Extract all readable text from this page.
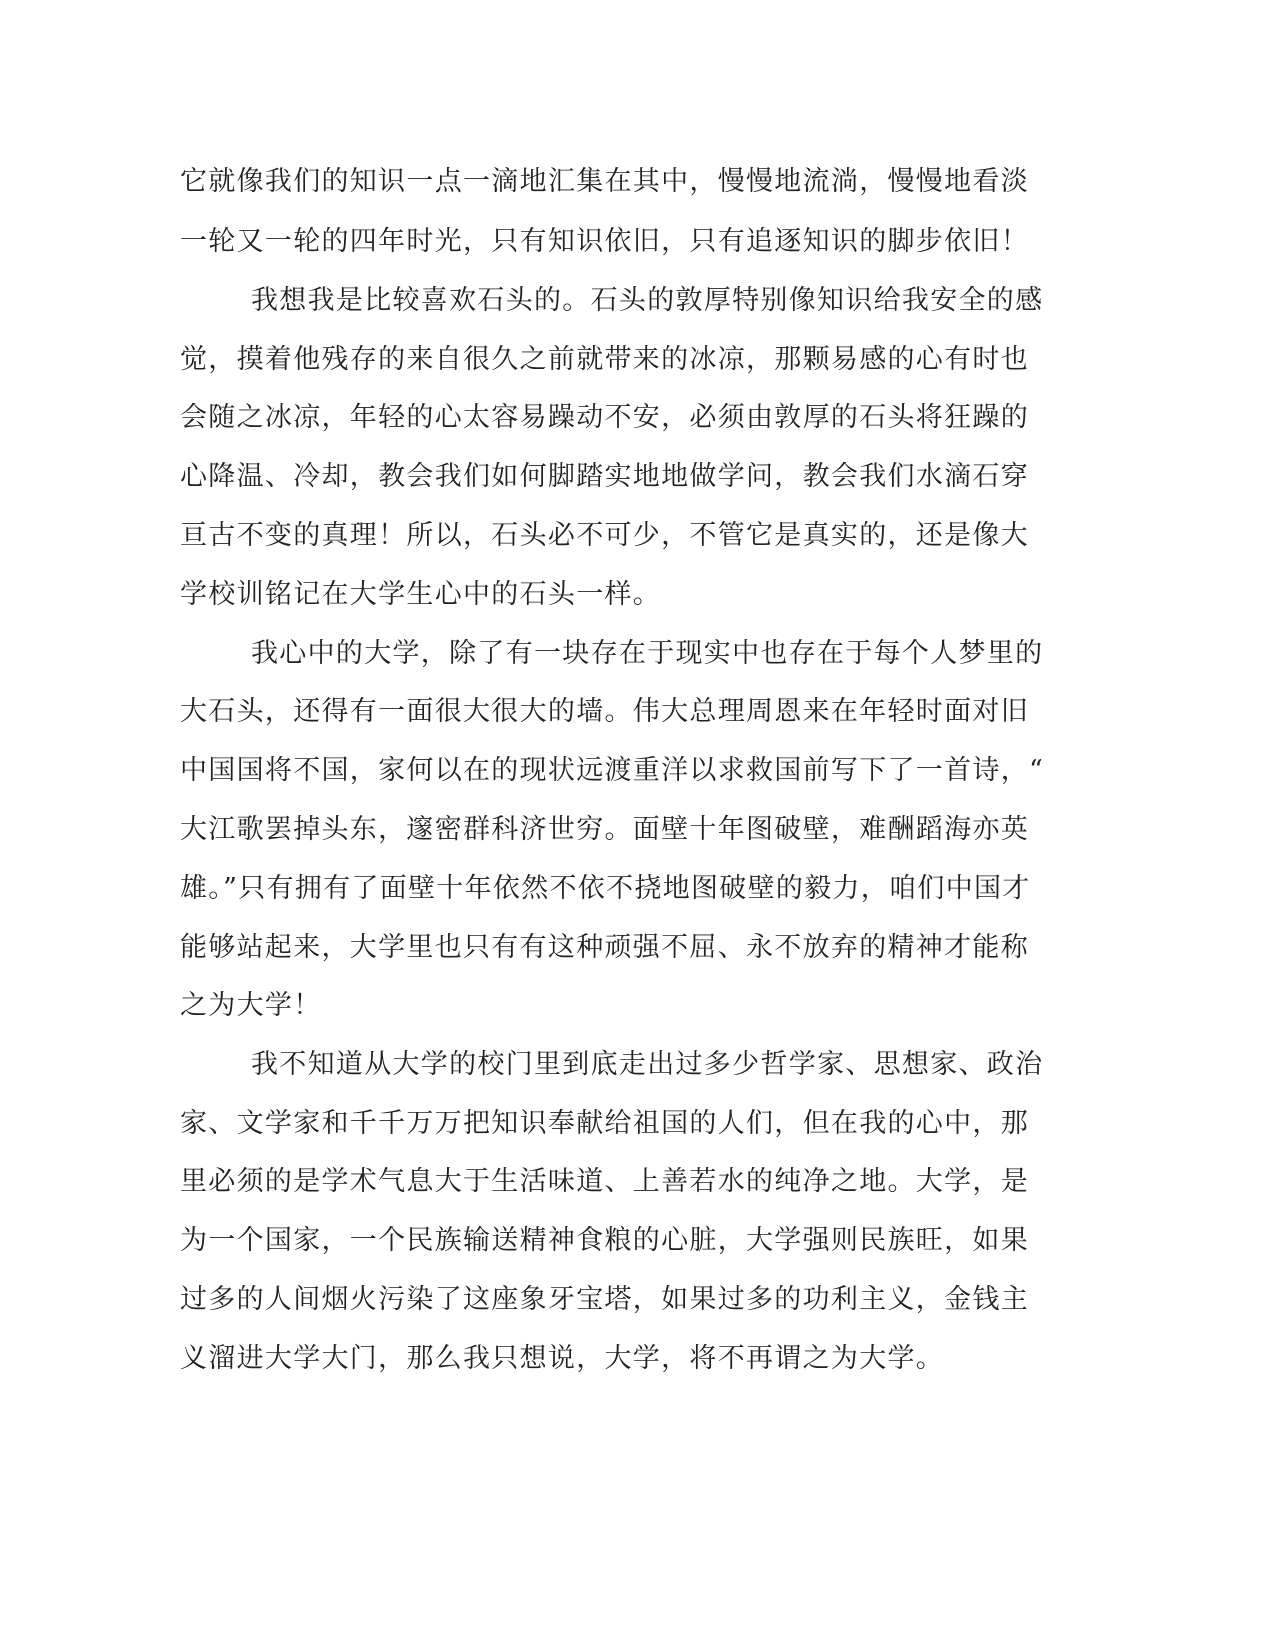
它就像我们的知识一点一滴地汇集在其中，慢慢地流淌，慢慢地看淡
一轮又一轮的四年时光，只有知识依旧，只有追逐知识的脚步依旧！
我想我是比较喜欢石头的。石头的敦厚特别像知识给我安全的感
觉，摸着他残存的来自很久之前就带来的冰凉，那颗易感的心有时也
会随之冰凉，年轻的心太容易躁动不安，必须由敦厚的石头将狂躁的
心降温、冷却，教会我们如何脚踏实地地做学问，教会我们水滴石穿
亘古不变的真理！所以，石头必不可少，不管它是真实的，还是像大
学校训铭记在大学生心中的石头一样。
我心中的大学，除了有一块存在于现实中也存在于每个人梦里的
大石头，还得有一面很大很大的墙。伟大总理周恩来在年轻时面对旧
中国国将不国，家何以在的现状远渡重洋以求救国前写下了一首诗，“
大江歌罢掉头东，邃密群科济世穷。面壁十年图破壁，难酬蹈海亦英
雄。”只有拥有了面壁十年依然不依不挠地图破壁的毅力，咱们中国才
能够站起来，大学里也只有有这种顽强不屈、永不放弃的精神才能称
之为大学！
我不知道从大学的校门里到底走出过多少哲学家、思想家、政治
家、文学家和千千万万把知识奉献给祖国的人们，但在我的心中，那
里必须的是学术气息大于生活味道、上善若水的纯净之地。大学，是
为一个国家，一个民族输送精神食粮的心脏，大学强则民族旺，如果
过多的人间烟火污染了这座象牙宝塔，如果过多的功利主义，金钱主
义溜进大学大门，那么我只想说，大学，将不再谓之为大学。
